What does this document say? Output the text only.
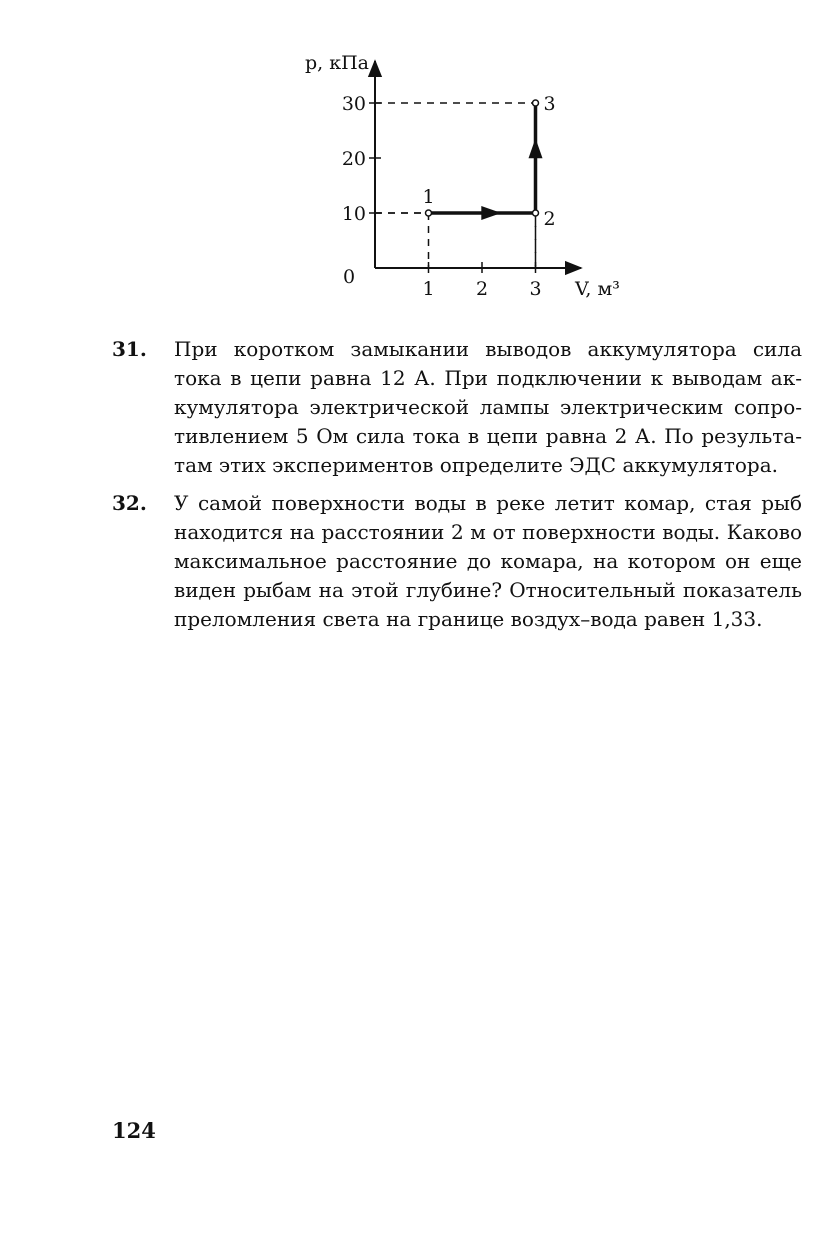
p, кПа
V, м³
0
1 2 3
10
20
30
1
2
3
31. При коротком замыкании выводов аккумулятора сила тока в цепи равна 12 А. При подключении к выводам аккумулятора электрической лампы электрическим сопротивлением 5 Ом сила тока в цепи равна 2 А. По результатам этих экспериментов определите ЭДС аккумулятора.
32. У самой поверхности воды в реке летит комар, стая рыб находится на расстоянии 2 м от поверхности воды. Каково максимальное расстояние до комара, на котором он еще виден рыбам на этой глубине? Относительный показатель преломления света на границе воздух–вода равен 1,33.
124
